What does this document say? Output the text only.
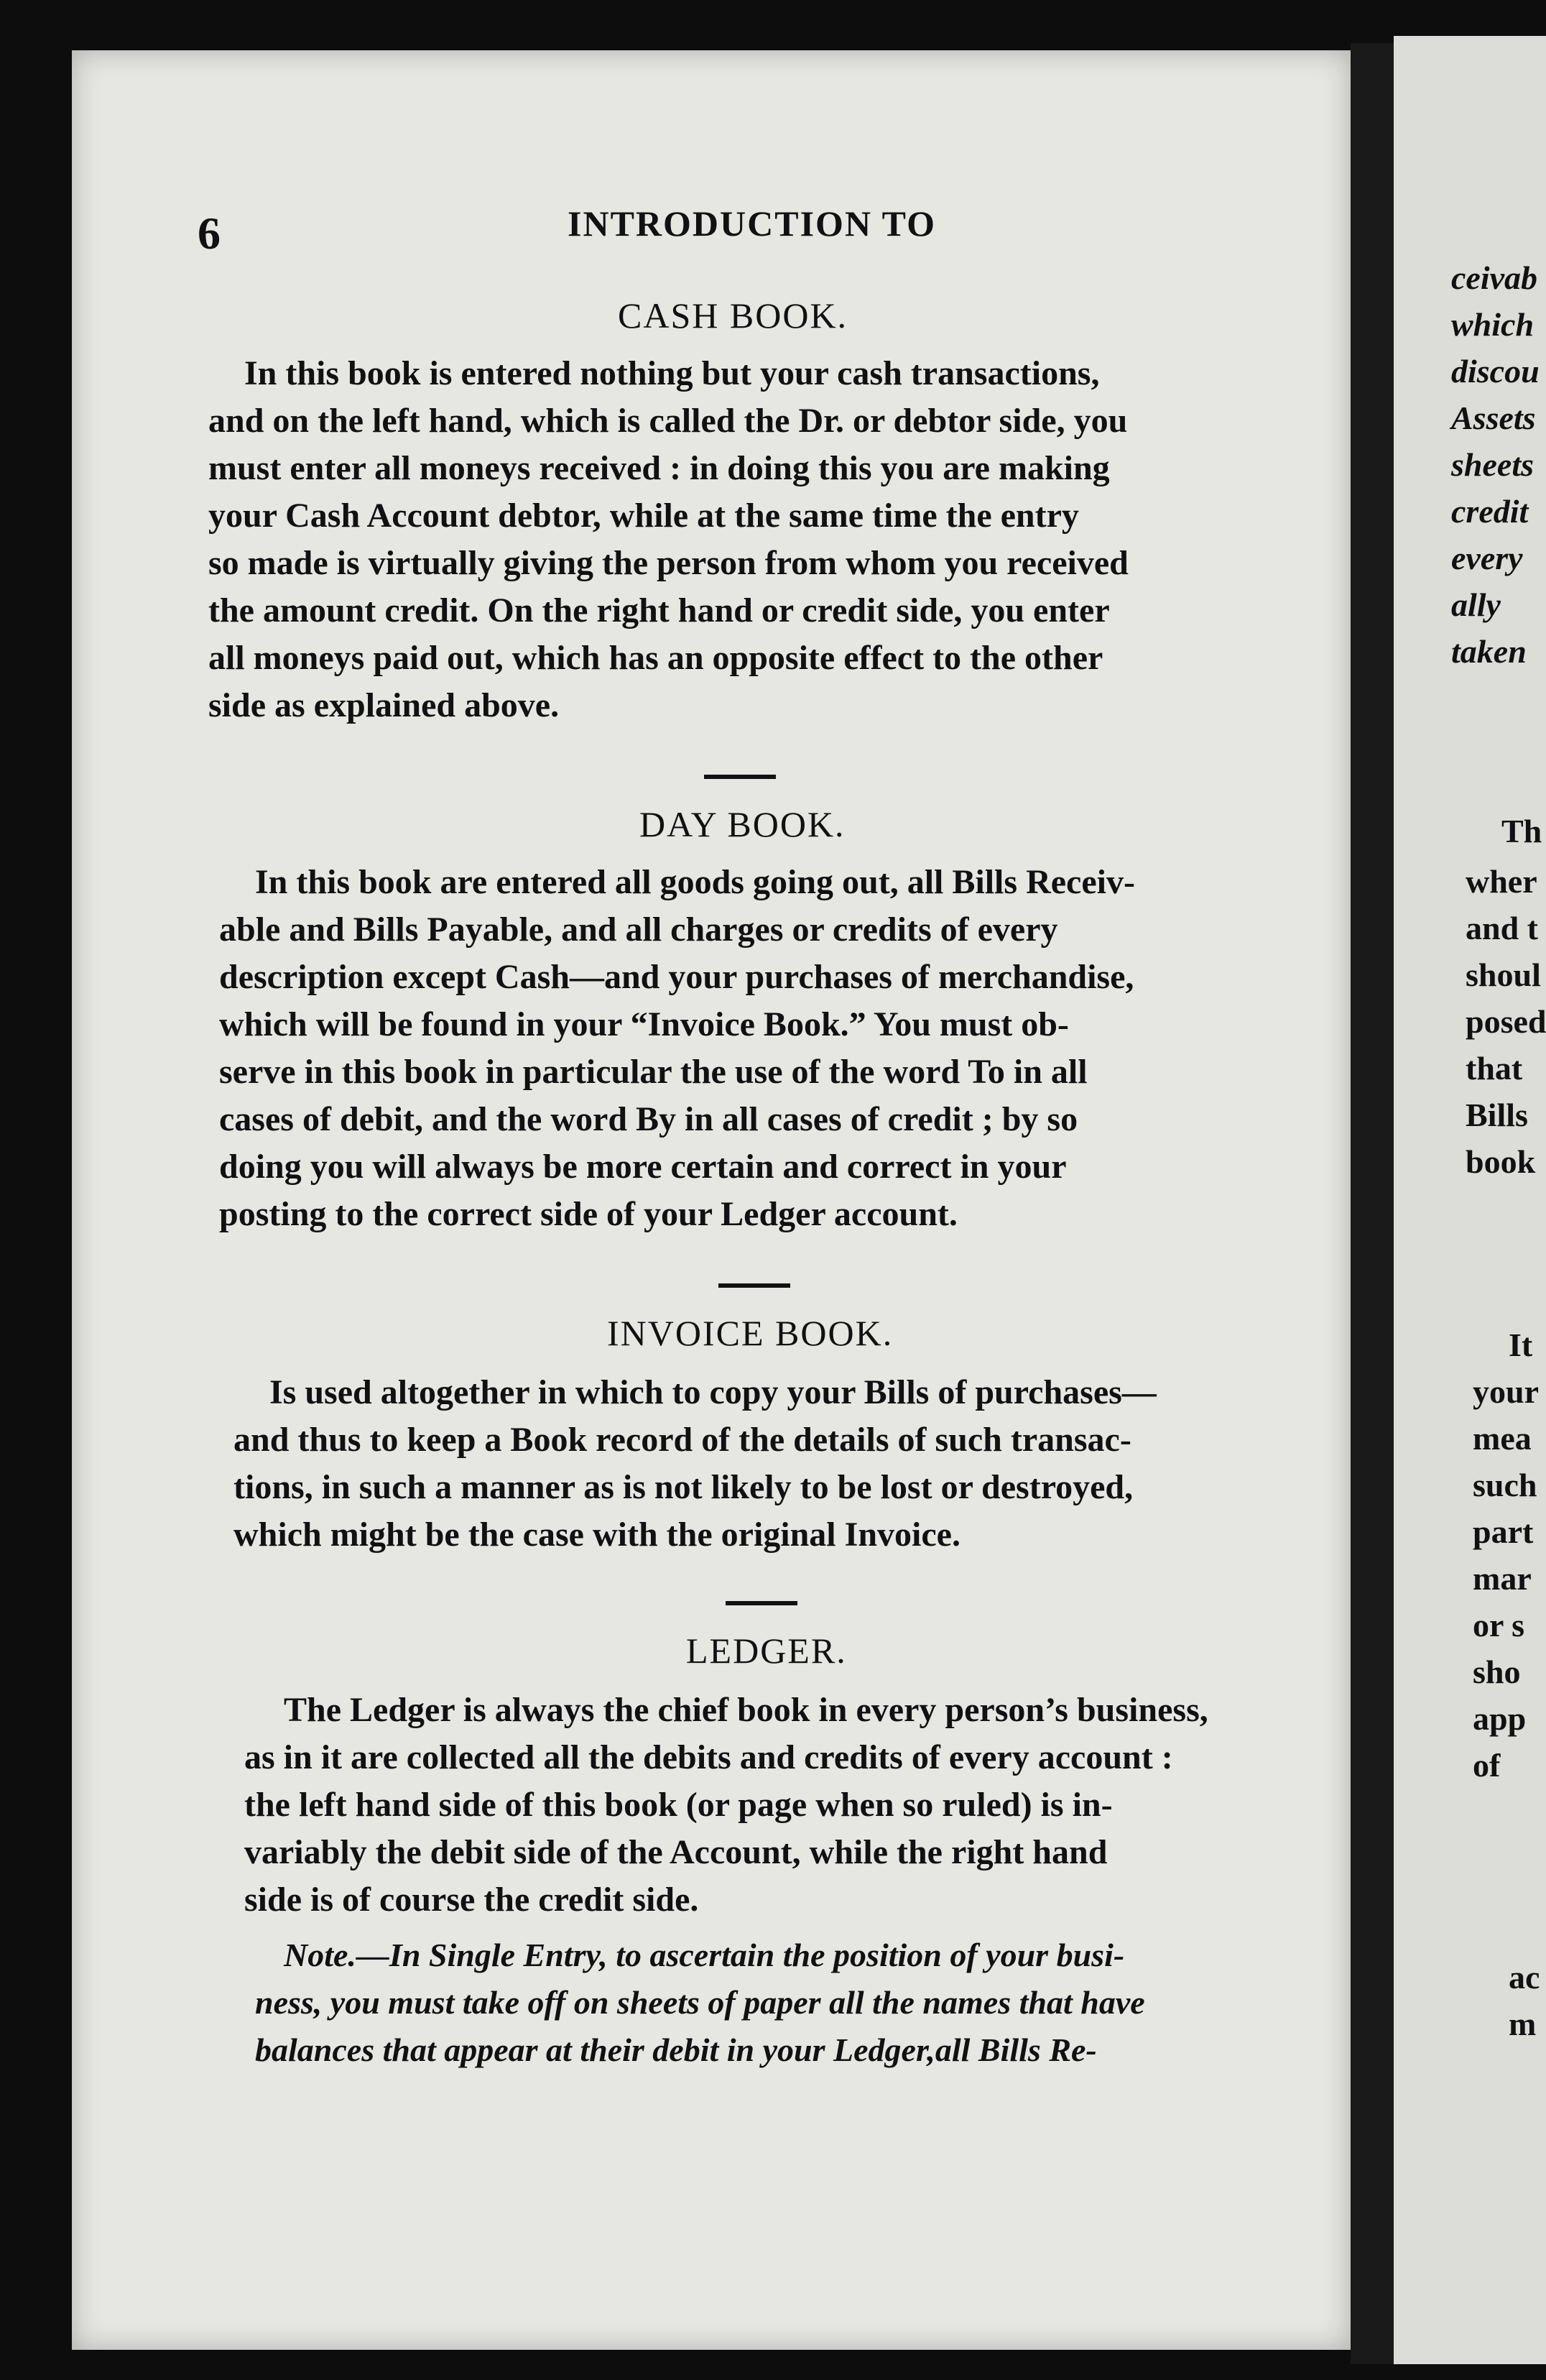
6	INTRODUCTION TO
CASH BOOK.
In this book is entered nothing but your cash transactions,
and on the left hand, which is called the Dr. or debtor side, you
must enter all moneys received : in doing this you are making
your Cash Account debtor, while at the same time the entry
so made is virtually giving the person from whom you received
the amount credit. On the right hand or credit side, you enter
all moneys paid out, which has an opposite effect to the other
side as explained above.
DAY BOOK.
In this book are entered all goods going out, all Bills Receiv-
able and Bills Payable, and all charges or credits of every
description except Cash—and your purchases of merchandise,
which will be found in your “Invoice Book.” You must ob-
serve in this book in particular the use of the word To in all
cases of debit, and the word By in all cases of credit ; by so
doing you will always be more certain and correct in your
posting to the correct side of your Ledger account.
INVOICE BOOK.
Is used altogether in which to copy your Bills of purchases—
and thus to keep a Book record of the details of such transac-
tions, in such a manner as is not likely to be lost or destroyed,
which might be the case with the original Invoice.
LEDGER.
The Ledger is always the chief book in every person’s business,
as in it are collected all the debits and credits of every account :
the left hand side of this book (or page when so ruled) is in-
variably the debit side of the Account, while the right hand
side is of course the credit side.
Note.—In Single Entry, to ascertain the position of your busi-
ness, you must take off on sheets of paper all the names that have
balances that appear at their debit in your Ledger,all Bills Re-
ceivab
which
discou
Assets
sheets
credit
every
ally
taken
Th
wher
and t
shoul
posed
that
Bills
book
It
your
mea
such
part
mar
or s
sho
app
of
ac
m
